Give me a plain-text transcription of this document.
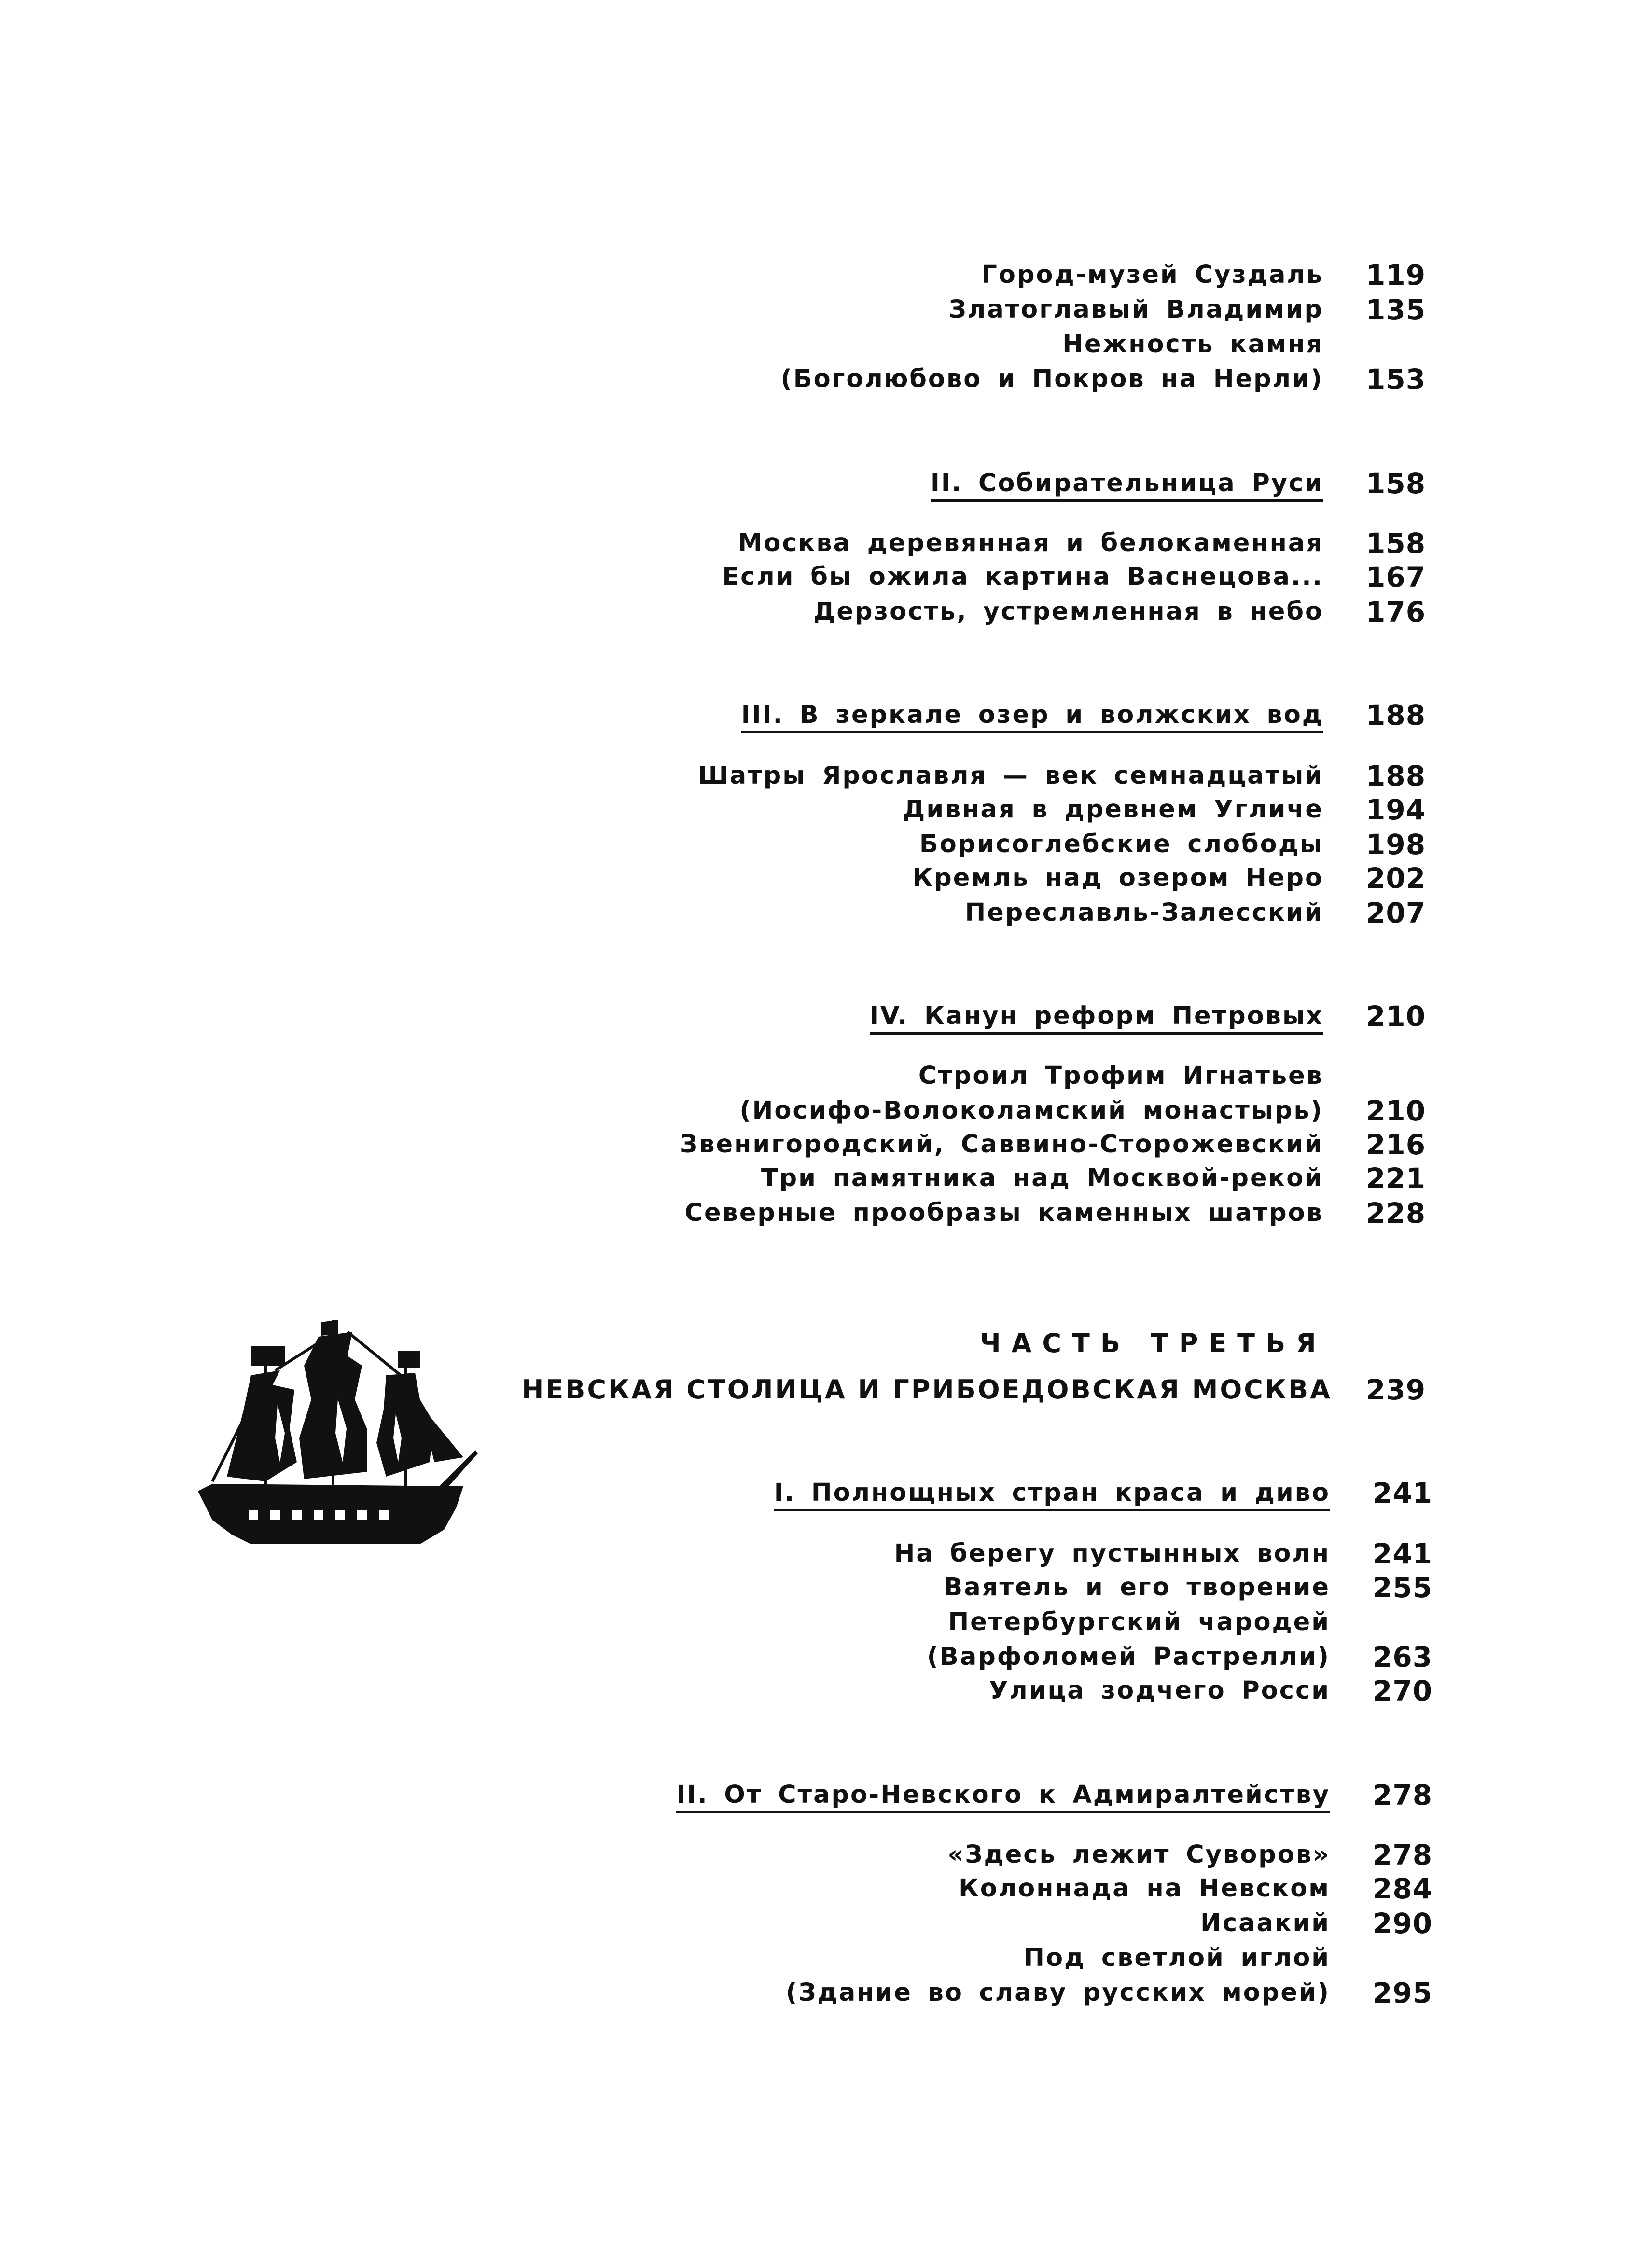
Город-музей Суздаль 119
Златоглавый Владимир 135
Нежность камня
(Боголюбово и Покров на Нерли) 153
II. Собирательница Руси 158
Москва деревянная и белокаменная 158
Если бы ожила картина Васнецова... 167
Дерзость, устремленная в небо 176
III. В зеркале озер и волжских вод 188
Шатры Ярославля — век семнадцатый 188
Дивная в древнем Угличе 194
Борисоглебские слободы 198
Кремль над озером Неро 202
Переславль-Залесский 207
IV. Канун реформ Петровых 210
Строил Трофим Игнатьев
(Иосифо-Волоколамский монастырь) 210
Звенигородский, Саввино-Сторожевский 216
Три памятника над Москвой-рекой 221
Северные прообразы каменных шатров 228
I. Полнощных стран краса и диво 241
На берегу пустынных волн 241
Ваятель и его творение 255
Петербургский чародей
(Варфоломей Растрелли) 263
Улица зодчего Росси 270
II. От Старо-Невского к Адмиралтейству 278
«Здесь лежит Суворов» 278
Колоннада на Невском 284
Исаакий 290
Под светлой иглой
(Здание во славу русских морей) 295
ЧАСТЬ ТРЕТЬЯ
НЕВСКАЯ СТОЛИЦА И ГРИБОЕДОВСКАЯ МОСКВА 239
